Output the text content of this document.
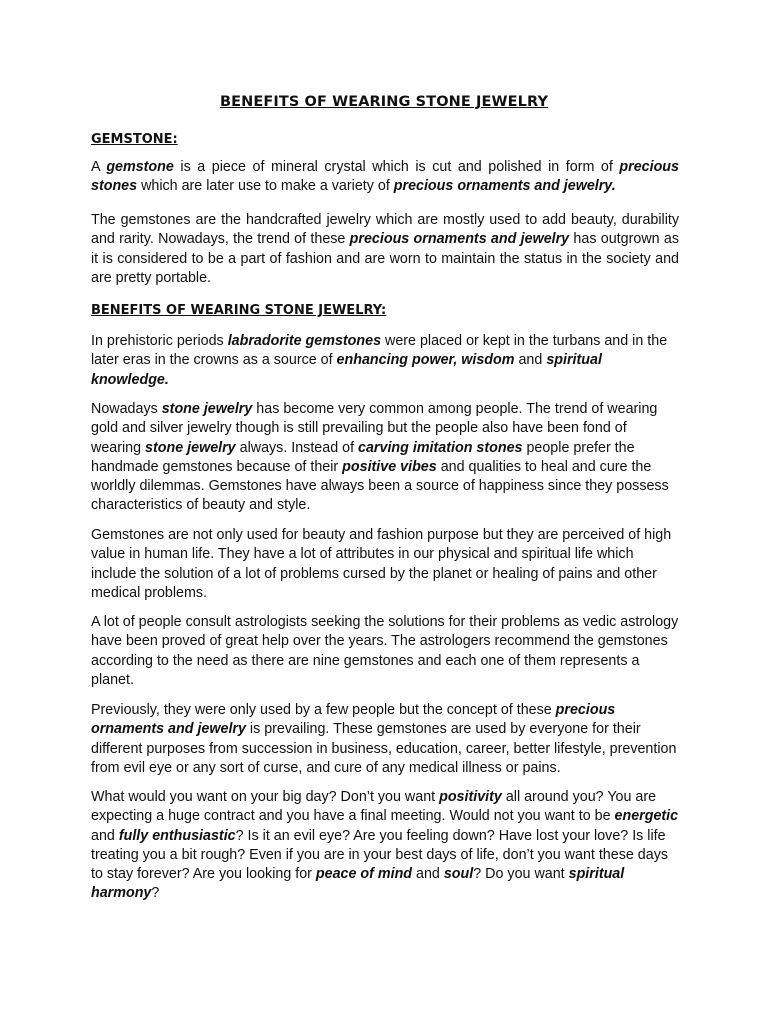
BENEFITS OF WEARING STONE JEWELRY
GEMSTONE:

A gemstone is a piece of mineral crystal which is cut and polished in form of precious stones which are later use to make a variety of precious ornaments and jewelry.

The gemstones are the handcrafted jewelry which are mostly used to add beauty, durability and rarity. Nowadays, the trend of these precious ornaments and jewelry has outgrown as it is considered to be a part of fashion and are worn to maintain the status in the society and are pretty portable.

BENEFITS OF WEARING STONE JEWELRY:

In prehistoric periods labradorite gemstones were placed or kept in the turbans and in the later eras in the crowns as a source of enhancing power, wisdom and spiritual knowledge.

Nowadays stone jewelry has become very common among people. The trend of wearing gold and silver jewelry though is still prevailing but the people also have been fond of wearing stone jewelry always. Instead of carving imitation stones people prefer the handmade gemstones because of their positive vibes and qualities to heal and cure the worldly dilemmas. Gemstones have always been a source of happiness since they possess characteristics of beauty and style.

Gemstones are not only used for beauty and fashion purpose but they are perceived of high value in human life. They have a lot of attributes in our physical and spiritual life which include the solution of a lot of problems cursed by the planet or healing of pains and other medical problems.

A lot of people consult astrologists seeking the solutions for their problems as vedic astrology have been proved of great help over the years. The astrologers recommend the gemstones according to the need as there are nine gemstones and each one of them represents a planet.

Previously, they were only used by a few people but the concept of these precious ornaments and jewelry is prevailing. These gemstones are used by everyone for their different purposes from succession in business, education, career, better lifestyle, prevention from evil eye or any sort of curse, and cure of any medical illness or pains.

What would you want on your big day? Don’t you want positivity all around you? You are expecting a huge contract and you have a final meeting. Would not you want to be energetic and fully enthusiastic? Is it an evil eye? Are you feeling down? Have lost your love? Is life treating you a bit rough? Even if you are in your best days of life, don’t you want these days to stay forever? Are you looking for peace of mind and soul? Do you want spiritual harmony?
